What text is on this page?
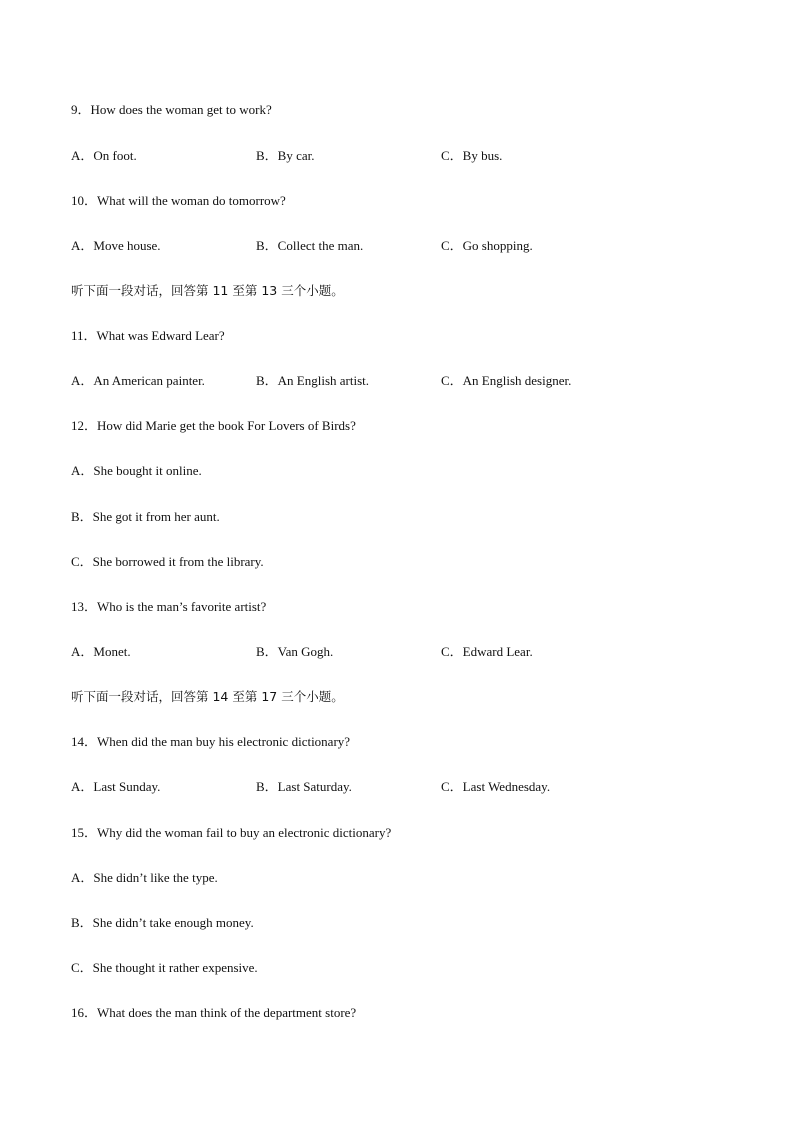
9．How does the woman get to work?
A．On foot.	B．By car.	C．By bus.
10．What will the woman do tomorrow?
A．Move house.	B．Collect the man.	C．Go shopping.
听下面一段对话，回答第 11 至第 13 三个小题。
11．What was Edward Lear?
A．An American painter.	B．An English artist.	C．An English designer.
12．How did Marie get the book For Lovers of Birds?
A．She bought it online.
B．She got it from her aunt.
C．She borrowed it from the library.
13．Who is the man’s favorite artist?
A．Monet.	B．Van Gogh.	C．Edward Lear.
听下面一段对话，回答第 14 至第 17 三个小题。
14．When did the man buy his electronic dictionary?
A．Last Sunday.	B．Last Saturday.	C．Last Wednesday.
15．Why did the woman fail to buy an electronic dictionary?
A．She didn’t like the type.
B．She didn’t take enough money.
C．She thought it rather expensive.
16．What does the man think of the department store?
